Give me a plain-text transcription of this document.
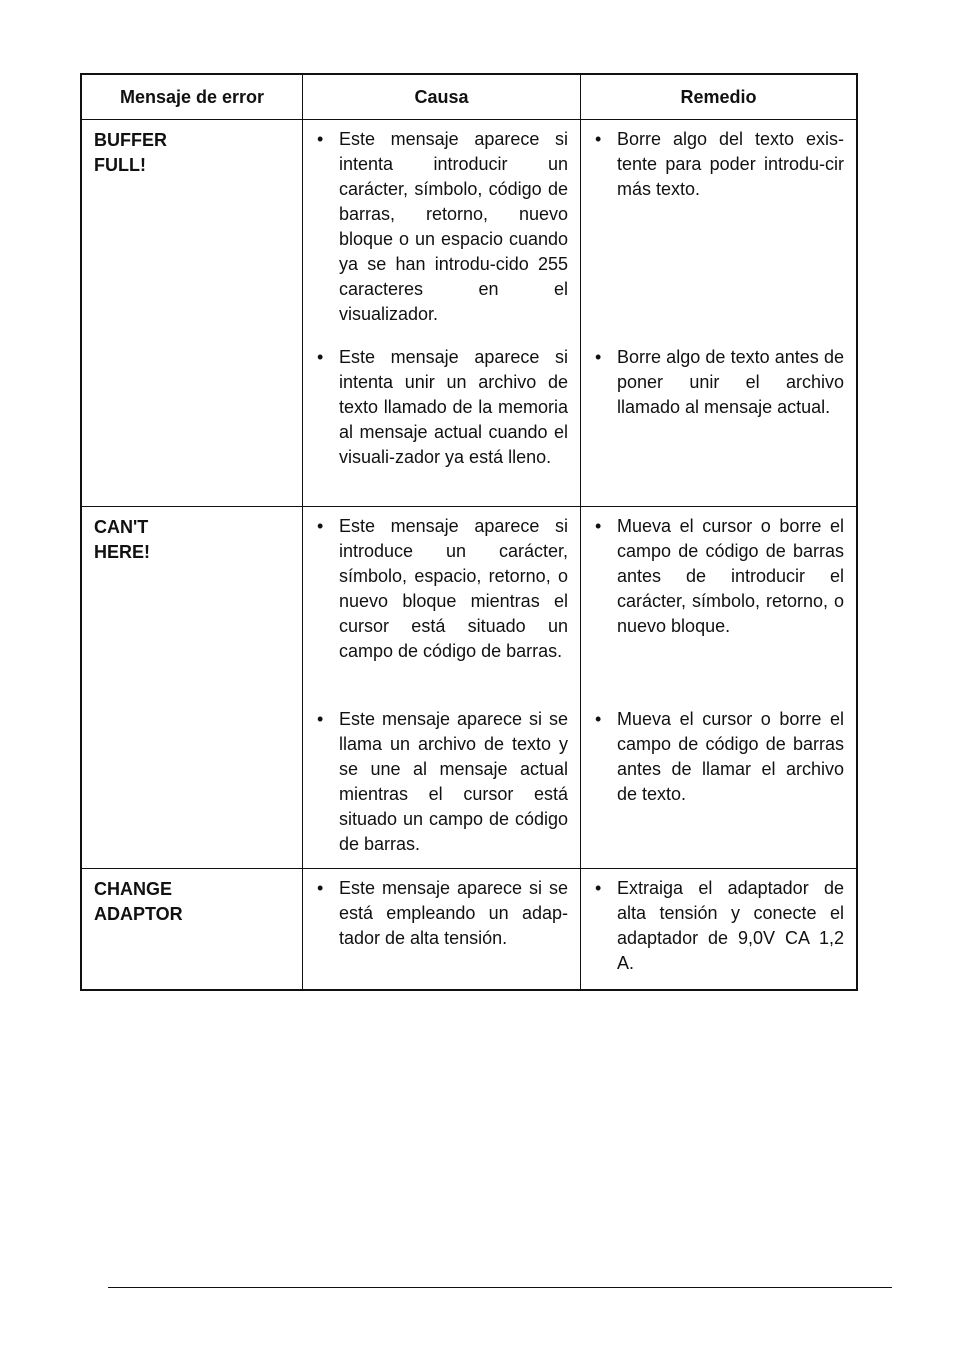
Mensaje de error	Causa	Remedio
BUFFER
FULL!
• Este mensaje aparece si intenta introducir un carácter, símbolo, código de barras, retorno, nuevo bloque o un espacio cuando ya se han introdu-cido 255 caracteres en el visualizador.
• Este mensaje aparece si intenta unir un archivo de texto llamado de la memoria al mensaje actual cuando el visuali-zador ya está lleno.
• Borre algo del texto exis-tente para poder introdu-cir más texto.
• Borre algo de texto antes de poner unir el archivo llamado al mensaje actual.
CAN'T
HERE!
• Este mensaje aparece si introduce un carácter, símbolo, espacio, retorno, o nuevo bloque mientras el cursor está situado un campo de código de barras.
• Este mensaje aparece si se llama un archivo de texto y se une al mensaje actual mientras el cursor está situado un campo de código de barras.
• Mueva el cursor o borre el campo de código de barras antes de introducir el carácter, símbolo, retorno, o nuevo bloque.
• Mueva el cursor o borre el campo de código de barras antes de llamar el archivo de texto.
CHANGE
ADAPTOR
• Este mensaje aparece si se está empleando un adap-tador de alta tensión.
• Extraiga el adaptador de alta tensión y conecte el adaptador de 9,0V CA 1,2 A.
